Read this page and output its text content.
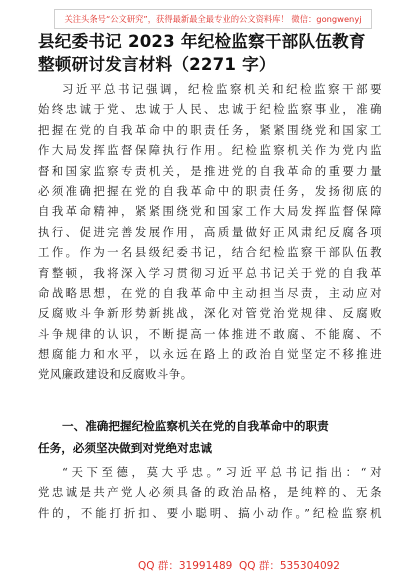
关注头条号“公文研究”，获得最新最全最专业的公文资料库！ 微信：gongwenyj
县纪委书记 2023 年纪检监察干部队伍教育
整顿研讨发言材料（2271 字）
习近平总书记强调，纪检监察机关和纪检监察干部要
始终忠诚于党、忠诚于人民、忠诚于纪检监察事业，准确
把握在党的自我革命中的职责任务，紧紧围绕党和国家工
作大局发挥监督保障执行作用。纪检监察机关作为党内监
督和国家监察专责机关，是推进党的自我革命的重要力量
必须准确把握在党的自我革命中的职责任务，发扬彻底的
自我革命精神，紧紧围绕党和国家工作大局发挥监督保障
执行、促进完善发展作用，高质量做好正风肃纪反腐各项
工作。作为一名县级纪委书记，结合纪检监察干部队伍教
育整顿，我将深入学习贯彻习近平总书记关于党的自我革
命战略思想，在党的自我革命中主动担当尽责，主动应对
反腐败斗争新形势新挑战，深化对管党治党规律、反腐败
斗争规律的认识，不断提高一体推进不敢腐、不能腐、不
想腐能力和水平，以永远在路上的政治自觉坚定不移推进
党风廉政建设和反腐败斗争。
一、准确把握纪检监察机关在党的自我革命中的职责
任务，必须坚决做到对党绝对忠诚
“天下至德，莫大乎忠。”习近平总书记指出：“对
党忠诚是共产党人必须具备的政治品格，是纯粹的、无条
件的，不能打折扣、要小聪明、搞小动作。”纪检监察机
QQ 群：31991489 QQ 群：535304092
